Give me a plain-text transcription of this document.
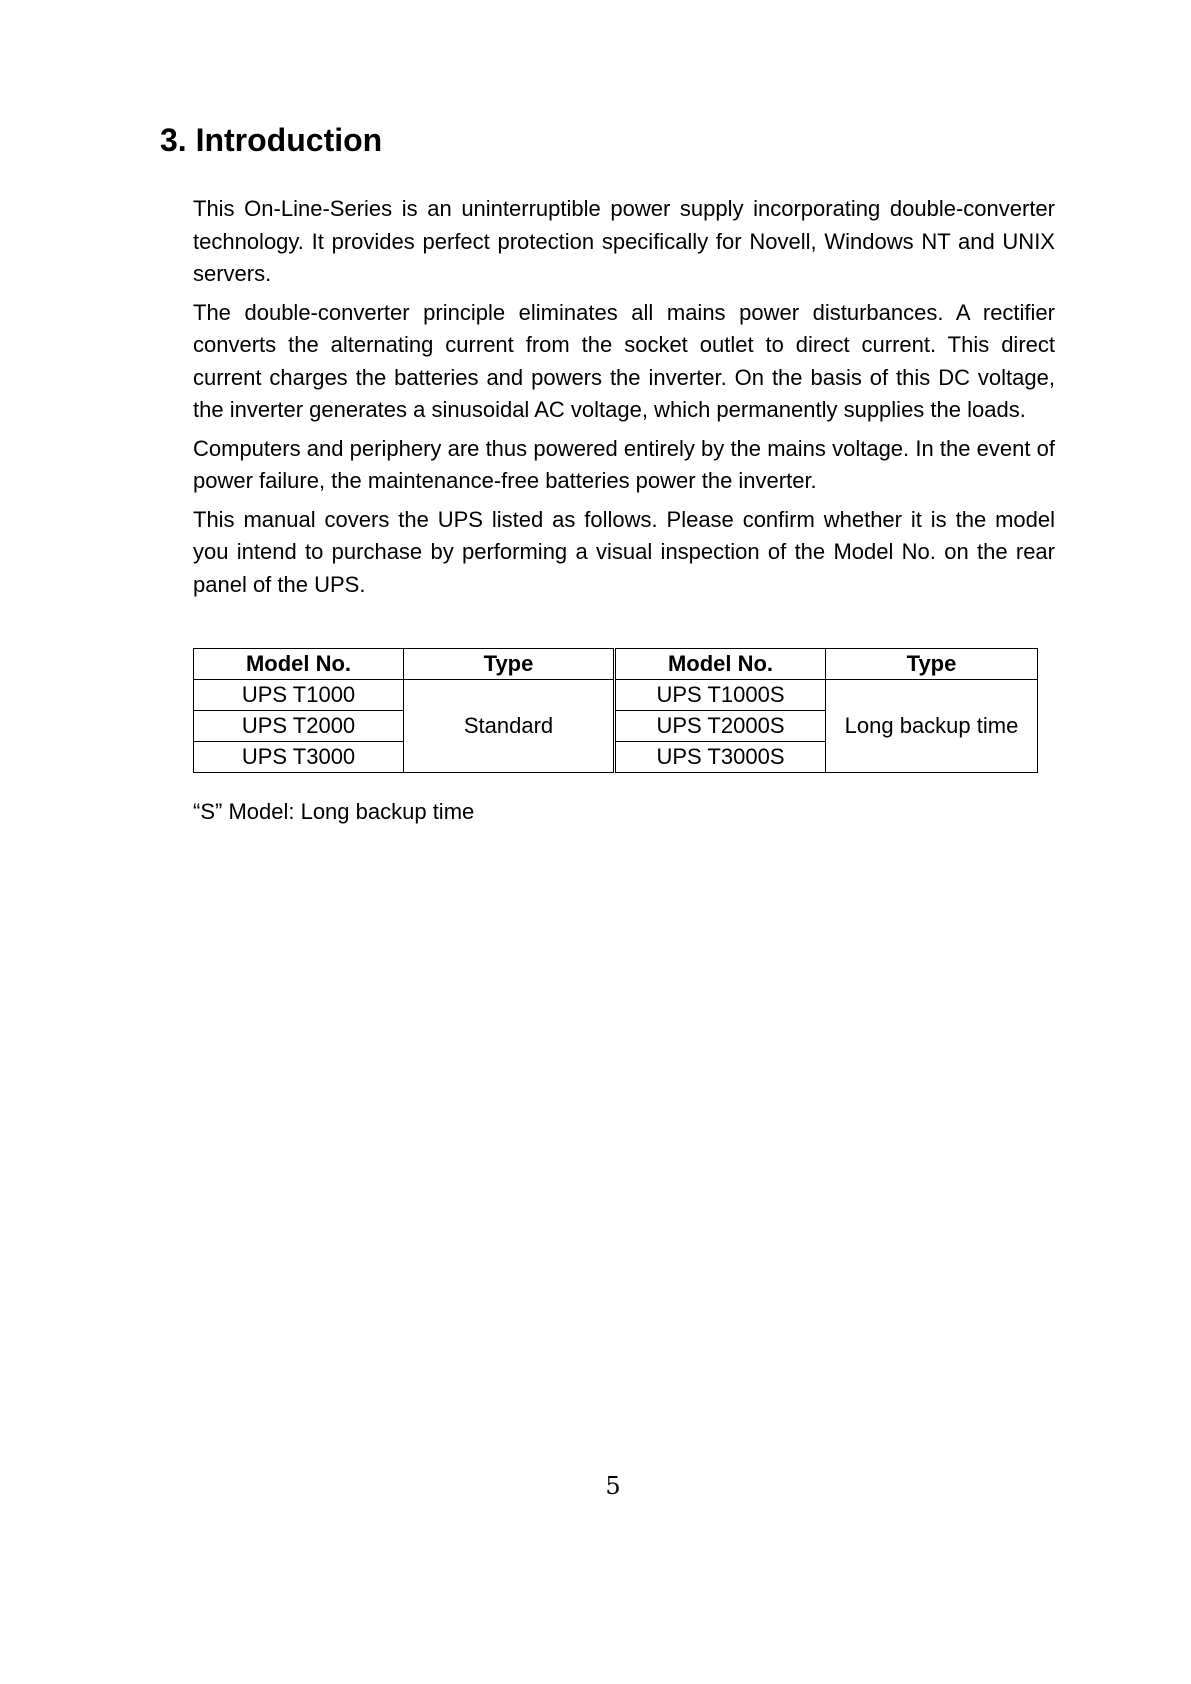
3. Introduction

This On-Line-Series is an uninterruptible power supply incorporating double-converter technology. It provides perfect protection specifically for Novell, Windows NT and UNIX servers.

The double-converter principle eliminates all mains power disturbances. A rectifier converts the alternating current from the socket outlet to direct current. This direct current charges the batteries and powers the inverter. On the basis of this DC voltage, the inverter generates a sinusoidal AC voltage, which permanently supplies the loads.

Computers and periphery are thus powered entirely by the mains voltage. In the event of power failure, the maintenance-free batteries power the inverter.

This manual covers the UPS listed as follows. Please confirm whether it is the model you intend to purchase by performing a visual inspection of the Model No. on the rear panel of the UPS.

Model No.	Type	Model No.	Type
UPS T1000	Standard	UPS T1000S	Long backup time
UPS T2000		UPS T2000S	
UPS T3000		UPS T3000S	

“S” Model: Long backup time

5
